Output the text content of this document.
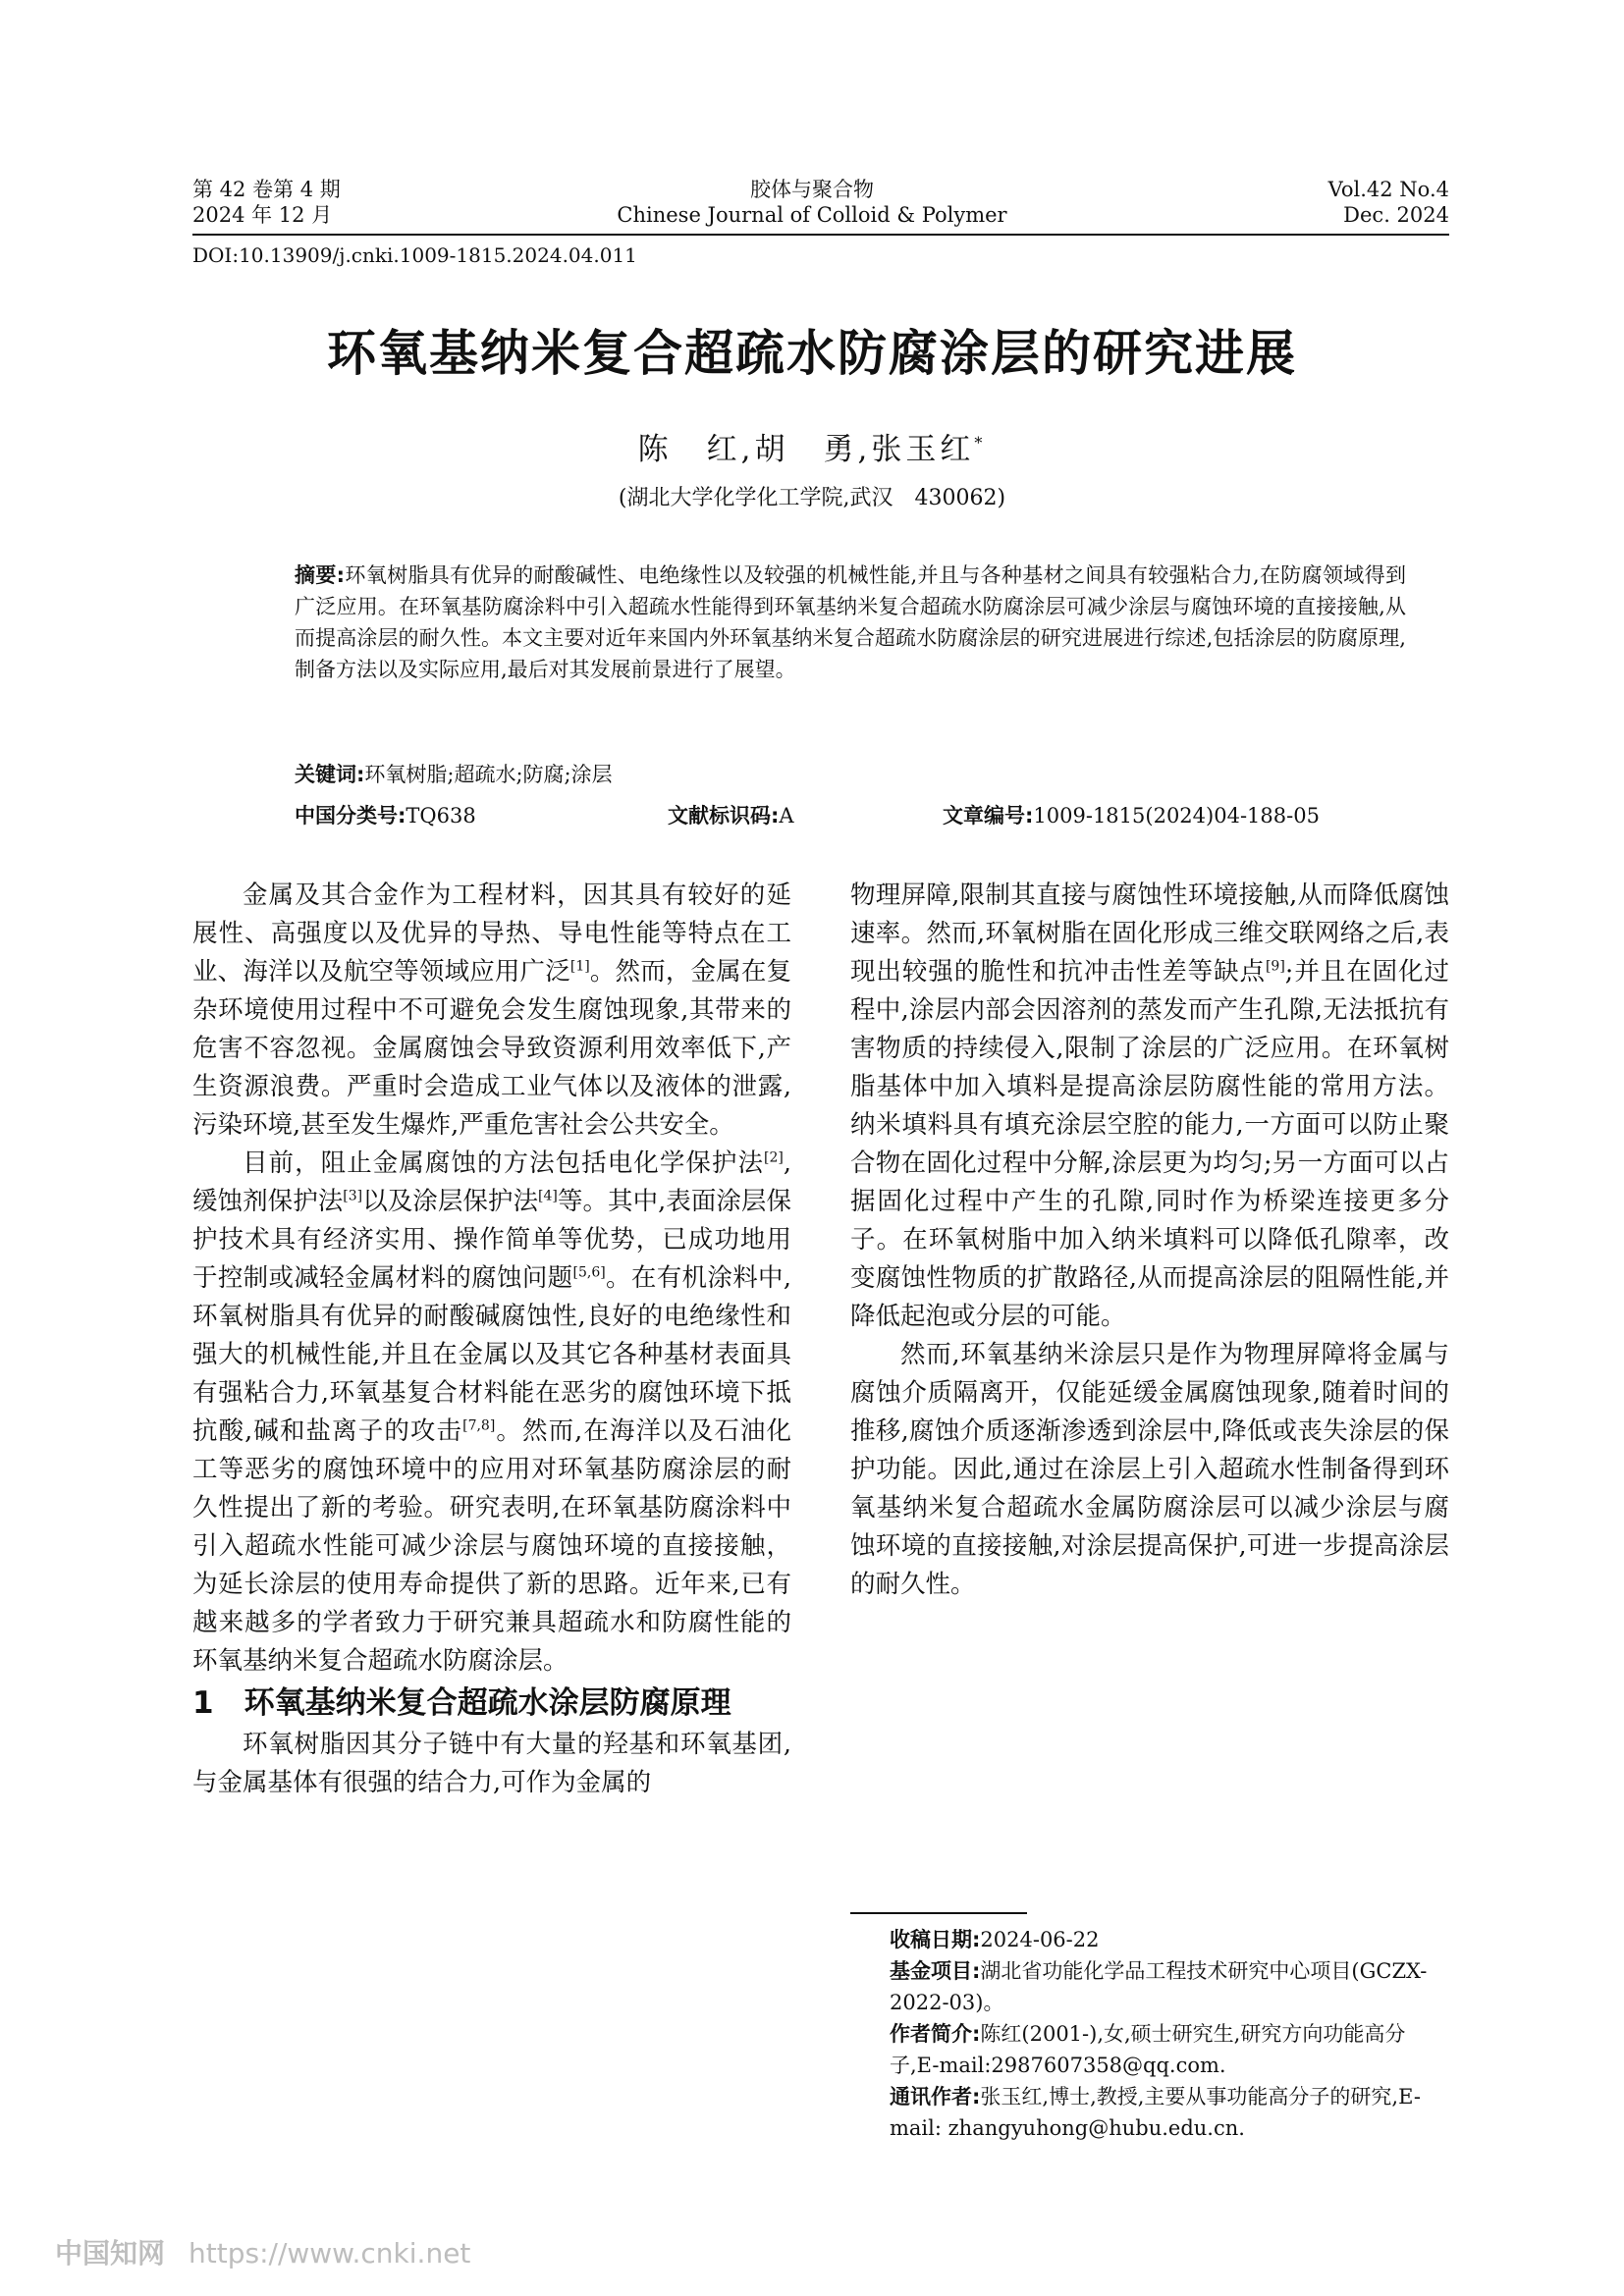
第 42 卷第 4 期
2024 年 12 月
胶体与聚合物
Chinese Journal of Colloid & Polymer
Vol.42 No.4
Dec. 2024
DOI:10.13909/j.cnki.1009-1815.2024.04.011
环氧基纳米复合超疏水防腐涂层的研究进展
陈　红,胡　勇,张玉红*
(湖北大学化学化工学院,武汉　430062)
摘要:环氧树脂具有优异的耐酸碱性、电绝缘性以及较强的机械性能,并且与各种基材之间具有较强粘合力,在防腐领域得到广泛应用。在环氧基防腐涂料中引入超疏水性能得到环氧基纳米复合超疏水防腐涂层可减少涂层与腐蚀环境的直接接触,从而提高涂层的耐久性。本文主要对近年来国内外环氧基纳米复合超疏水防腐涂层的研究进展进行综述,包括涂层的防腐原理,制备方法以及实际应用,最后对其发展前景进行了展望。
关键词:环氧树脂;超疏水;防腐;涂层
中国分类号:TQ638	文献标识码:A	文章编号:1009-1815(2024)04-188-05

金属及其合金作为工程材料，因其具有较好的延展性、高强度以及优异的导热、导电性能等特点在工业、海洋以及航空等领域应用广泛[1]。然而，金属在复杂环境使用过程中不可避免会发生腐蚀现象,其带来的危害不容忽视。金属腐蚀会导致资源利用效率低下,产生资源浪费。严重时会造成工业气体以及液体的泄露,污染环境,甚至发生爆炸,严重危害社会公共安全。

目前，阻止金属腐蚀的方法包括电化学保护法[2],缓蚀剂保护法[3]以及涂层保护法[4]等。其中,表面涂层保护技术具有经济实用、操作简单等优势，已成功地用于控制或减轻金属材料的腐蚀问题[5,6]。在有机涂料中,环氧树脂具有优异的耐酸碱腐蚀性,良好的电绝缘性和强大的机械性能,并且在金属以及其它各种基材表面具有强粘合力,环氧基复合材料能在恶劣的腐蚀环境下抵抗酸,碱和盐离子的攻击[7,8]。然而,在海洋以及石油化工等恶劣的腐蚀环境中的应用对环氧基防腐涂层的耐久性提出了新的考验。研究表明,在环氧基防腐涂料中引入超疏水性能可减少涂层与腐蚀环境的直接接触，为延长涂层的使用寿命提供了新的思路。近年来,已有越来越多的学者致力于研究兼具超疏水和防腐性能的环氧基纳米复合超疏水防腐涂层。

1　环氧基纳米复合超疏水涂层防腐原理

环氧树脂因其分子链中有大量的羟基和环氧基团,与金属基体有很强的结合力,可作为金属的

物理屏障,限制其直接与腐蚀性环境接触,从而降低腐蚀速率。然而,环氧树脂在固化形成三维交联网络之后,表现出较强的脆性和抗冲击性差等缺点[9];并且在固化过程中,涂层内部会因溶剂的蒸发而产生孔隙,无法抵抗有害物质的持续侵入,限制了涂层的广泛应用。在环氧树脂基体中加入填料是提高涂层防腐性能的常用方法。纳米填料具有填充涂层空腔的能力,一方面可以防止聚合物在固化过程中分解,涂层更为均匀;另一方面可以占据固化过程中产生的孔隙,同时作为桥梁连接更多分子。在环氧树脂中加入纳米填料可以降低孔隙率，改变腐蚀性物质的扩散路径,从而提高涂层的阻隔性能,并降低起泡或分层的可能。

然而,环氧基纳米涂层只是作为物理屏障将金属与腐蚀介质隔离开，仅能延缓金属腐蚀现象,随着时间的推移,腐蚀介质逐渐渗透到涂层中,降低或丧失涂层的保护功能。因此,通过在涂层上引入超疏水性制备得到环氧基纳米复合超疏水金属防腐涂层可以减少涂层与腐蚀环境的直接接触,对涂层提高保护,可进一步提高涂层的耐久性。

收稿日期:2024-06-22
基金项目:湖北省功能化学品工程技术研究中心项目(GCZX-2022-03)。
作者简介:陈红(2001-),女,硕士研究生,研究方向功能高分子,E-mail:2987607358@qq.com.
通讯作者:张玉红,博士,教授,主要从事功能高分子的研究,E-mail: zhangyuhong@hubu.edu.cn.
中国知网 https://www.cnki.net
